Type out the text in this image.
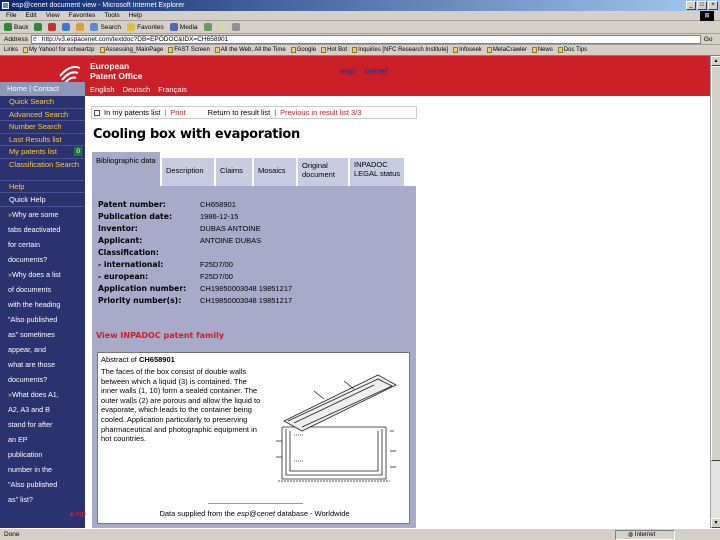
esp@cenet document view - Microsoft Internet Explorer	_	□	×
File Edit View Favorites Tools Help	⊞
Back	Search Favorites Media
Address e http://v3.espacenet.com/textdoc?DB=EPODOC&IDX=CH658901	Go
Links My Yahoo! for schwartzp Assessing_MainPage FAST Screen All the Web, All the Time Google Hot Bot Inquiries [NFC Research Institute] Infoseek MetaCrawler News Doc Tips
European
Patent Office
English Deutsch Français
esp@cenet
Home | Contact
Quick Search
Advanced Search
Number Search
Last Results list
My patents list	0
Classification Search
Help
Quick Help
»Why are some
tabs deactivated
for certain
documents?
»Why does a list
of documents
with the heading
"Also published
as" sometimes
appear, and
what are those
documents?
»What does A1,
A2, A3 and B
stand for after
an EP
publication
number in the
"Also published
as" list?
▲top
In my patents list | Print	Return to result list | Previous in result list 3/3
Cooling box with evaporation
Bibliographic data
Description	Claims	Mosaics
Original document
INPADOC LEGAL status
Patent number:	CH658901
Publication date:	1986-12-15
Inventor:	DUBAS ANTOINE
Applicant:	ANTOINE DUBAS
Classification:
- international:	F25D7/00
- european:	F25D7/00
Application number: CH19850003048 19851217
Priority number(s): CH19850003048 19851217
View INPADOC patent family
Abstract of CH658901
The faces of the box consist of double walls between which a liquid (3) is contained. The inner walls (1, 10) form a sealed container. The outer walls (2) are porous and allow the liquid to evaporate, which leads to the container being cooled. Application particularly to preserving pharmaceutical and photographic equipment in hot countries.
Data supplied from the esp@cenet database - Worldwide
▲
▼
Done	◍ Internet
